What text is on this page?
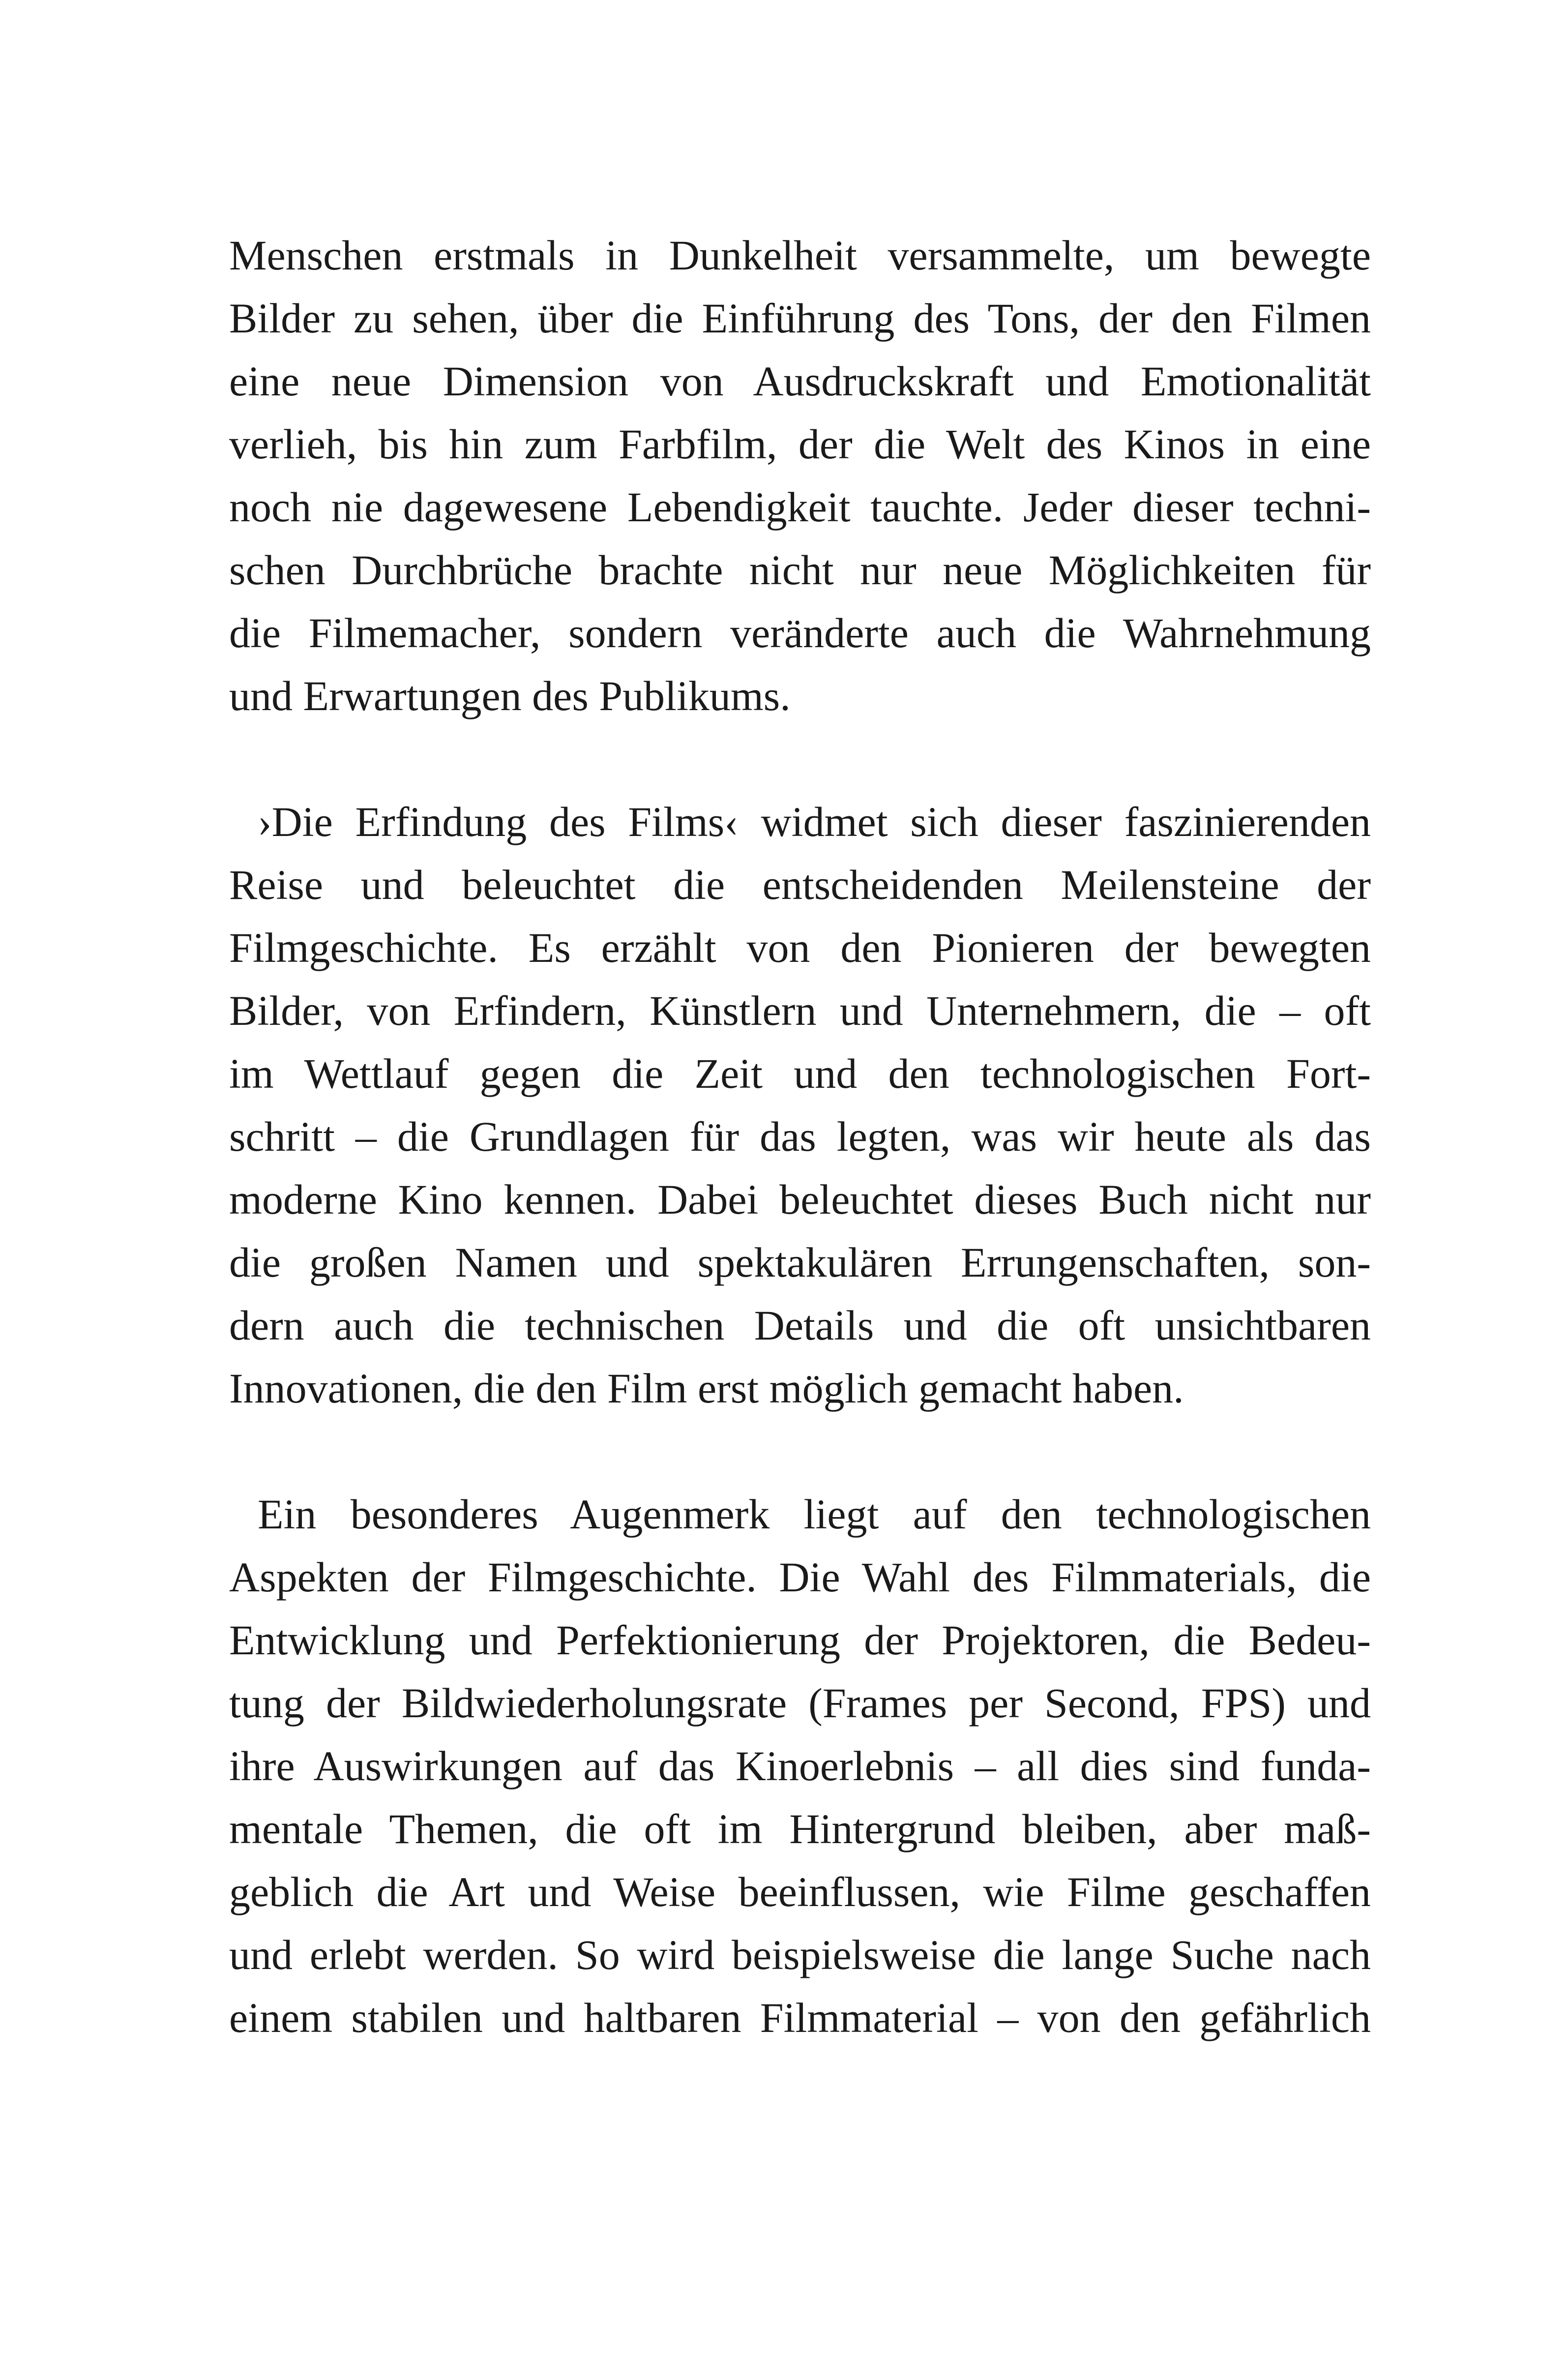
Menschen erstmals in Dunkelheit versammelte, um bewegte
Bilder zu sehen, über die Einführung des Tons, der den Filmen
eine neue Dimension von Ausdruckskraft und Emotionalität
verlieh, bis hin zum Farbfilm, der die Welt des Kinos in eine
noch nie dagewesene Lebendigkeit tauchte. Jeder dieser techni-
schen Durchbrüche brachte nicht nur neue Möglichkeiten für
die Filmemacher, sondern veränderte auch die Wahrnehmung
und Erwartungen des Publikums.
›Die Erfindung des Films‹ widmet sich dieser faszinierenden
Reise und beleuchtet die entscheidenden Meilensteine der
Filmgeschichte. Es erzählt von den Pionieren der bewegten
Bilder, von Erfindern, Künstlern und Unternehmern, die – oft
im Wettlauf gegen die Zeit und den technologischen Fort-
schritt – die Grundlagen für das legten, was wir heute als das
moderne Kino kennen. Dabei beleuchtet dieses Buch nicht nur
die großen Namen und spektakulären Errungenschaften, son-
dern auch die technischen Details und die oft unsichtbaren
Innovationen, die den Film erst möglich gemacht haben.
Ein besonderes Augenmerk liegt auf den technologischen
Aspekten der Filmgeschichte. Die Wahl des Filmmaterials, die
Entwicklung und Perfektionierung der Projektoren, die Bedeu-
tung der Bildwiederholungsrate (Frames per Second, FPS) und
ihre Auswirkungen auf das Kinoerlebnis – all dies sind funda-
mentale Themen, die oft im Hintergrund bleiben, aber maß-
geblich die Art und Weise beeinflussen, wie Filme geschaffen
und erlebt werden. So wird beispielsweise die lange Suche nach
einem stabilen und haltbaren Filmmaterial – von den gefährlich
